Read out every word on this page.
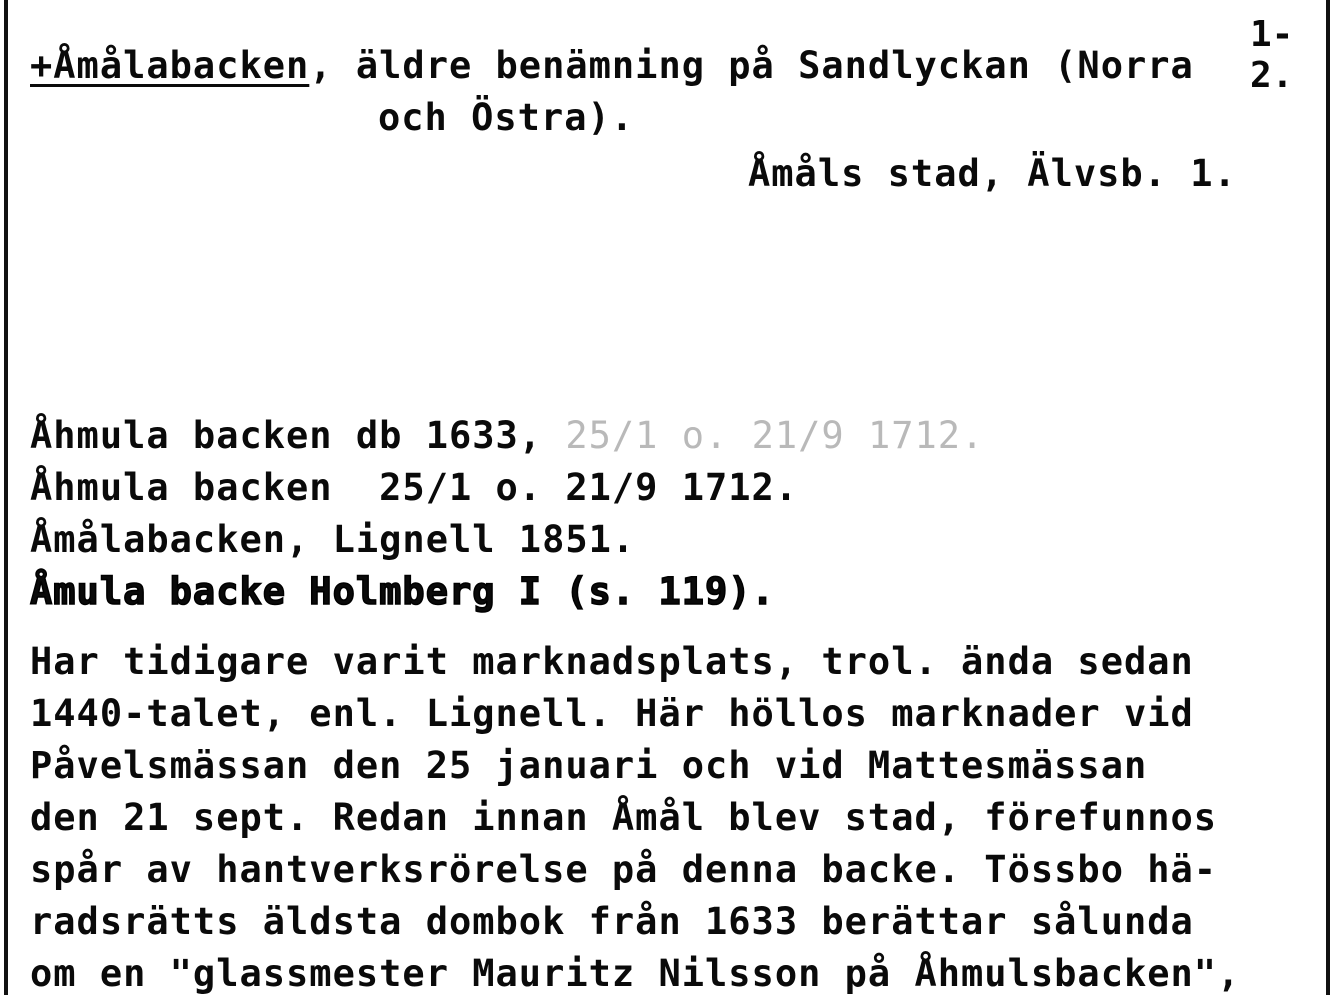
1-2.
+Åmålabacken, äldre benämning på Sandlyckan (Norra
och Östra).
Åmåls stad, Älvsb. 1.
Åhmula backen db 1633, 25/1 o. 21/9 1712.
Åhmula backen  25/1 o. 21/9 1712.
Åmålabacken, Lignell 1851.
Åmula backe Holmberg I (s. 119).
Har tidigare varit marknadsplats, trol. ända sedan
1440-talet, enl. Lignell. Här höllos marknader vid
Påvelsmässan den 25 januari och vid Mattesmässan
den 21 sept. Redan innan Åmål blev stad, förefunnos
spår av hantverksrörelse på denna backe. Tössbo hä-
radsrätts äldsta dombok från 1633 berättar sålunda
om en "glassmester Mauritz Nilsson på Åhmulsbacken",
